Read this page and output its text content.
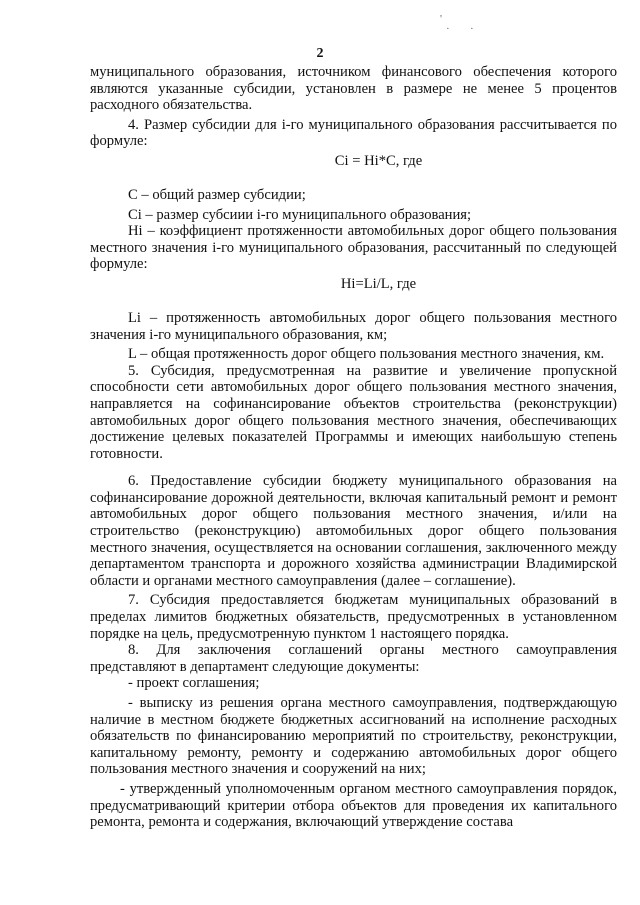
'
· ·
2

муниципального образования, источником финансового обеспечения которого являются указанные субсидии, установлен в размере не менее 5 процентов расходного обязательства.

4. Размер субсидии для i-го муниципального образования рассчитывается по формуле:

Ci = Hi*C, где

C – общий размер субсидии;

Ci – размер субсиии i-го муниципального образования;

Hi – коэффициент протяженности автомобильных дорог общего пользования местного значения i-го муниципального образования, рассчитанный по следующей формуле:

Hi=Li/L, где

Li – протяженность автомобильных дорог общего пользования местного значения i-го муниципального образования, км;

L – общая протяженность дорог общего пользования местного значения, км.

5. Субсидия, предусмотренная на развитие и увеличение пропускной способности сети автомобильных дорог общего пользования местного значения, направляется на софинансирование объектов строительства (реконструкции) автомобильных дорог общего пользования местного значения, обеспечивающих достижение целевых показателей Программы и имеющих наибольшую степень готовности.

6. Предоставление субсидии бюджету муниципального образования на софинансирование дорожной деятельности, включая капитальный ремонт и ремонт автомобильных дорог общего пользования местного значения, и/или на строительство (реконструкцию) автомобильных дорог общего пользования местного значения, осуществляется на основании соглашения, заключенного между департаментом транспорта и дорожного хозяйства администрации Владимирской области и органами местного самоуправления (далее – соглашение).

7. Субсидия предоставляется бюджетам муниципальных образований в пределах лимитов бюджетных обязательств, предусмотренных в установленном порядке на цель, предусмотренную пунктом 1 настоящего порядка.

8. Для заключения соглашений органы местного самоуправления представляют в департамент следующие документы:

- проект соглашения;

- выписку из решения органа местного самоуправления, подтверждающую наличие в местном бюджете бюджетных ассигнований на исполнение расходных обязательств по финансированию мероприятий по строительству, реконструкции, капитальному ремонту, ремонту и содержанию автомобильных дорог общего пользования местного значения и сооружений на них;

- утвержденный уполномоченным органом местного самоуправления порядок, предусматривающий критерии отбора объектов для проведения их капитального ремонта, ремонта и содержания, включающий утверждение состава
